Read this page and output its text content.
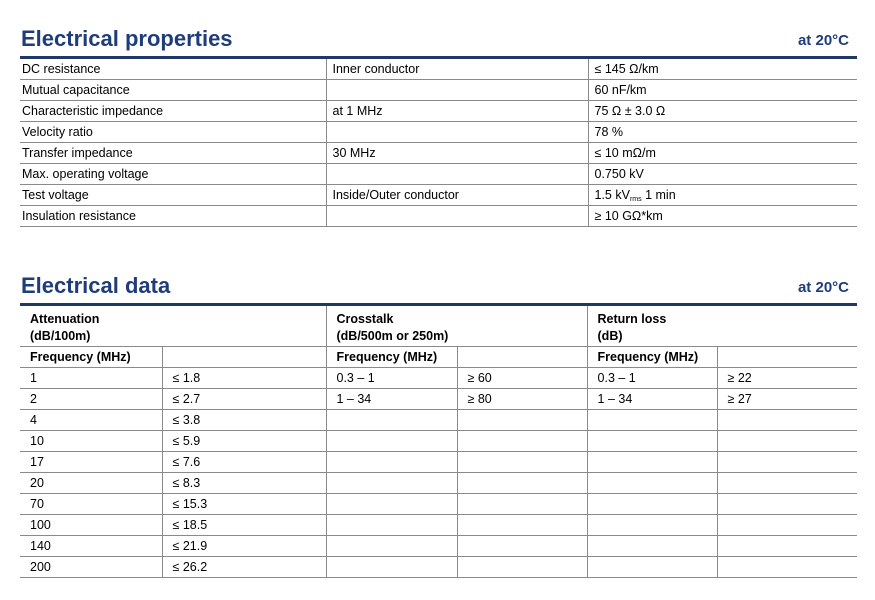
Electrical properties	at 20°C
DC resistance	Inner conductor	≤ 145 Ω/km
Mutual capacitance		60 nF/km
Characteristic impedance	at 1 MHz	75 Ω ± 3.0 Ω
Velocity ratio		78 %
Transfer impedance	30 MHz	≤ 10 mΩ/m
Max. operating voltage		0.750 kV
Test voltage	Inside/Outer conductor	1.5 $kV_{rms}$ 1 min
Insulation resistance		≥ 10 GΩ*km
Electrical data	at 20°C
Attenuation		Crosstalk		Return loss	
(dB/100m)		(dB/500m or 250m)		(dB)	
Frequency (MHz)		Frequency (MHz)		Frequency (MHz)	
1	≤ 1.8	0.3 – 1	≥ 60	0.3 – 1	≥ 22
2	≤ 2.7	1 – 34	≥ 80	1 – 34	≥ 27
4	≤ 3.8				
10	≤ 5.9				
17	≤ 7.6				
20	≤ 8.3				
70	≤ 15.3				
100	≤ 18.5				
140	≤ 21.9				
200	≤ 26.2				
